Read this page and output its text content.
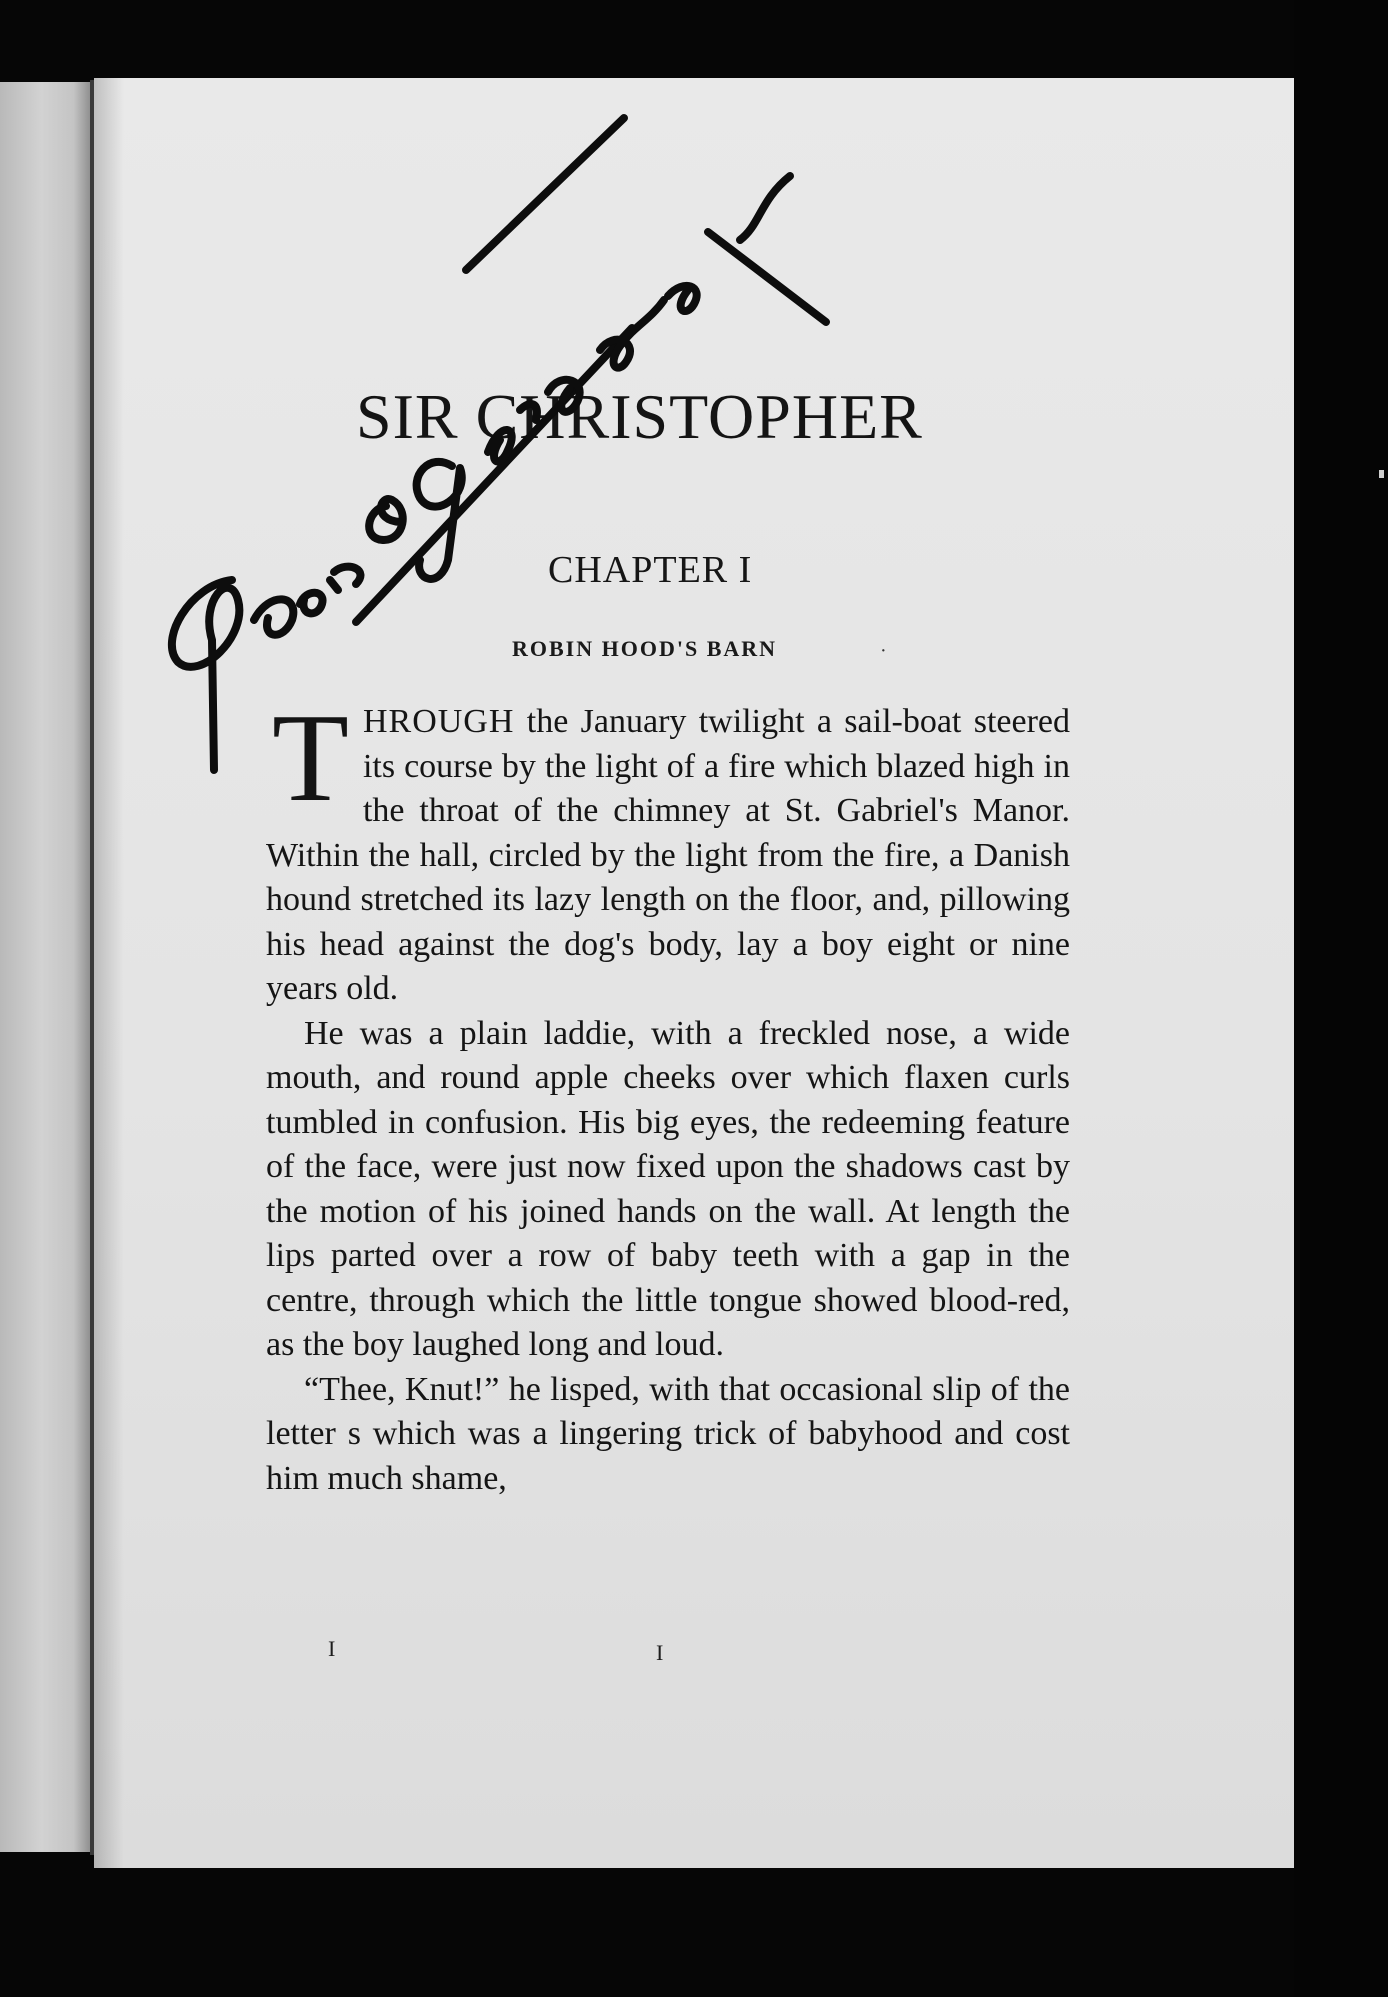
SIR CHRISTOPHER
CHAPTER I
ROBIN HOOD'S BARN	·

THROUGH the January twilight a sail-boat steered its course by the light of a fire which blazed high in the throat of the chimney at St. Gabriel's Manor. Within the hall, circled by the light from the fire, a Danish hound stretched its lazy length on the floor, and, pillowing his head against the dog's body, lay a boy eight or nine years old.

He was a plain laddie, with a freckled nose, a wide mouth, and round apple cheeks over which flaxen curls tumbled in confusion. His big eyes, the redeeming feature of the face, were just now fixed upon the shadows cast by the motion of his joined hands on the wall. At length the lips parted over a row of baby teeth with a gap in the centre, through which the little tongue showed blood-red, as the boy laughed long and loud.

“Thee, Knut!” he lisped, with that occasional slip of the letter s which was a lingering trick of babyhood and cost him much shame,

I	I
